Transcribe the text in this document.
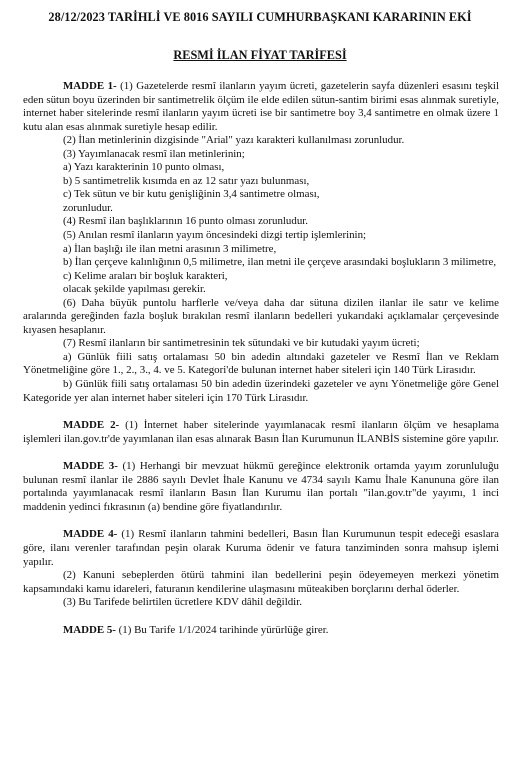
28/12/2023 TARİHLİ VE 8016 SAYILI CUMHURBAŞKANI KARARININ EKİ
RESMİ İLAN FİYAT TARİFESİ

MADDE 1- (1) Gazetelerde resmî ilanların yayım ücreti, gazetelerin sayfa düzenleri esasını teşkil eden sütun boyu üzerinden bir santimetrelik ölçüm ile elde edilen sütun-santim birimi esas alınmak suretiyle, internet haber sitelerinde resmî ilanların yayım ücreti ise bir santimetre boy 3,4 santimetre en olmak üzere 1 kutu alan esas alınmak suretiyle hesap edilir.

(2) İlan metinlerinin dizgisinde "Arial" yazı karakteri kullanılması zorunludur.

(3) Yayımlanacak resmî ilan metinlerinin;

a) Yazı karakterinin 10 punto olması,

b) 5 santimetrelik kısımda en az 12 satır yazı bulunması,

c) Tek sütun ve bir kutu genişliğinin 3,4 santimetre olması,

zorunludur.

(4) Resmî ilan başlıklarının 16 punto olması zorunludur.

(5) Anılan resmî ilanların yayım öncesindeki dizgi tertip işlemlerinin;

a) İlan başlığı ile ilan metni arasının 3 milimetre,

b) İlan çerçeve kalınlığının 0,5 milimetre, ilan metni ile çerçeve arasındaki boşlukların 3 milimetre,

c) Kelime araları bir boşluk karakteri,

olacak şekilde yapılması gerekir.

(6) Daha büyük puntolu harflerle ve/veya daha dar sütuna dizilen ilanlar ile satır ve kelime aralarında gereğinden fazla boşluk bırakılan resmî ilanların bedelleri yukarıdaki açıklamalar çerçevesinde kıyasen hesaplanır.

(7) Resmî ilanların bir santimetresinin tek sütundaki ve bir kutudaki yayım ücreti;

a) Günlük fiili satış ortalaması 50 bin adedin altındaki gazeteler ve Resmî İlan ve Reklam Yönetmeliğine göre 1., 2., 3., 4. ve 5. Kategori'de bulunan internet haber siteleri için 140 Türk Lirasıdır.

b) Günlük fiili satış ortalaması 50 bin adedin üzerindeki gazeteler ve aynı Yönetmeliğe göre Genel Kategoride yer alan internet haber siteleri için 170 Türk Lirasıdır.

MADDE 2- (1) İnternet haber sitelerinde yayımlanacak resmî ilanların ölçüm ve hesaplama işlemleri ilan.gov.tr'de yayımlanan ilan esas alınarak Basın İlan Kurumunun İLANBİS sistemine göre yapılır.

MADDE 3- (1) Herhangi bir mevzuat hükmü gereğince elektronik ortamda yayım zorunluluğu bulunan resmî ilanlar ile 2886 sayılı Devlet İhale Kanunu ve 4734 sayılı Kamu İhale Kanununa göre ilan portalında yayımlanacak resmî ilanların Basın İlan Kurumu ilan portalı "ilan.gov.tr"de yayımı, 1 inci maddenin yedinci fıkrasının (a) bendine göre fiyatlandırılır.

MADDE 4- (1) Resmî ilanların tahmini bedelleri, Basın İlan Kurumunun tespit edeceği esaslara göre, ilanı verenler tarafından peşin olarak Kuruma ödenir ve fatura tanziminden sonra mahsup işlemi yapılır.

(2) Kanuni sebeplerden ötürü tahmini ilan bedellerini peşin ödeyemeyen merkezi yönetim kapsamındaki kamu idareleri, faturanın kendilerine ulaşmasını müteakiben borçlarını derhal öderler.

(3) Bu Tarifede belirtilen ücretlere KDV dâhil değildir.

MADDE 5- (1) Bu Tarife 1/1/2024 tarihinde yürürlüğe girer.
